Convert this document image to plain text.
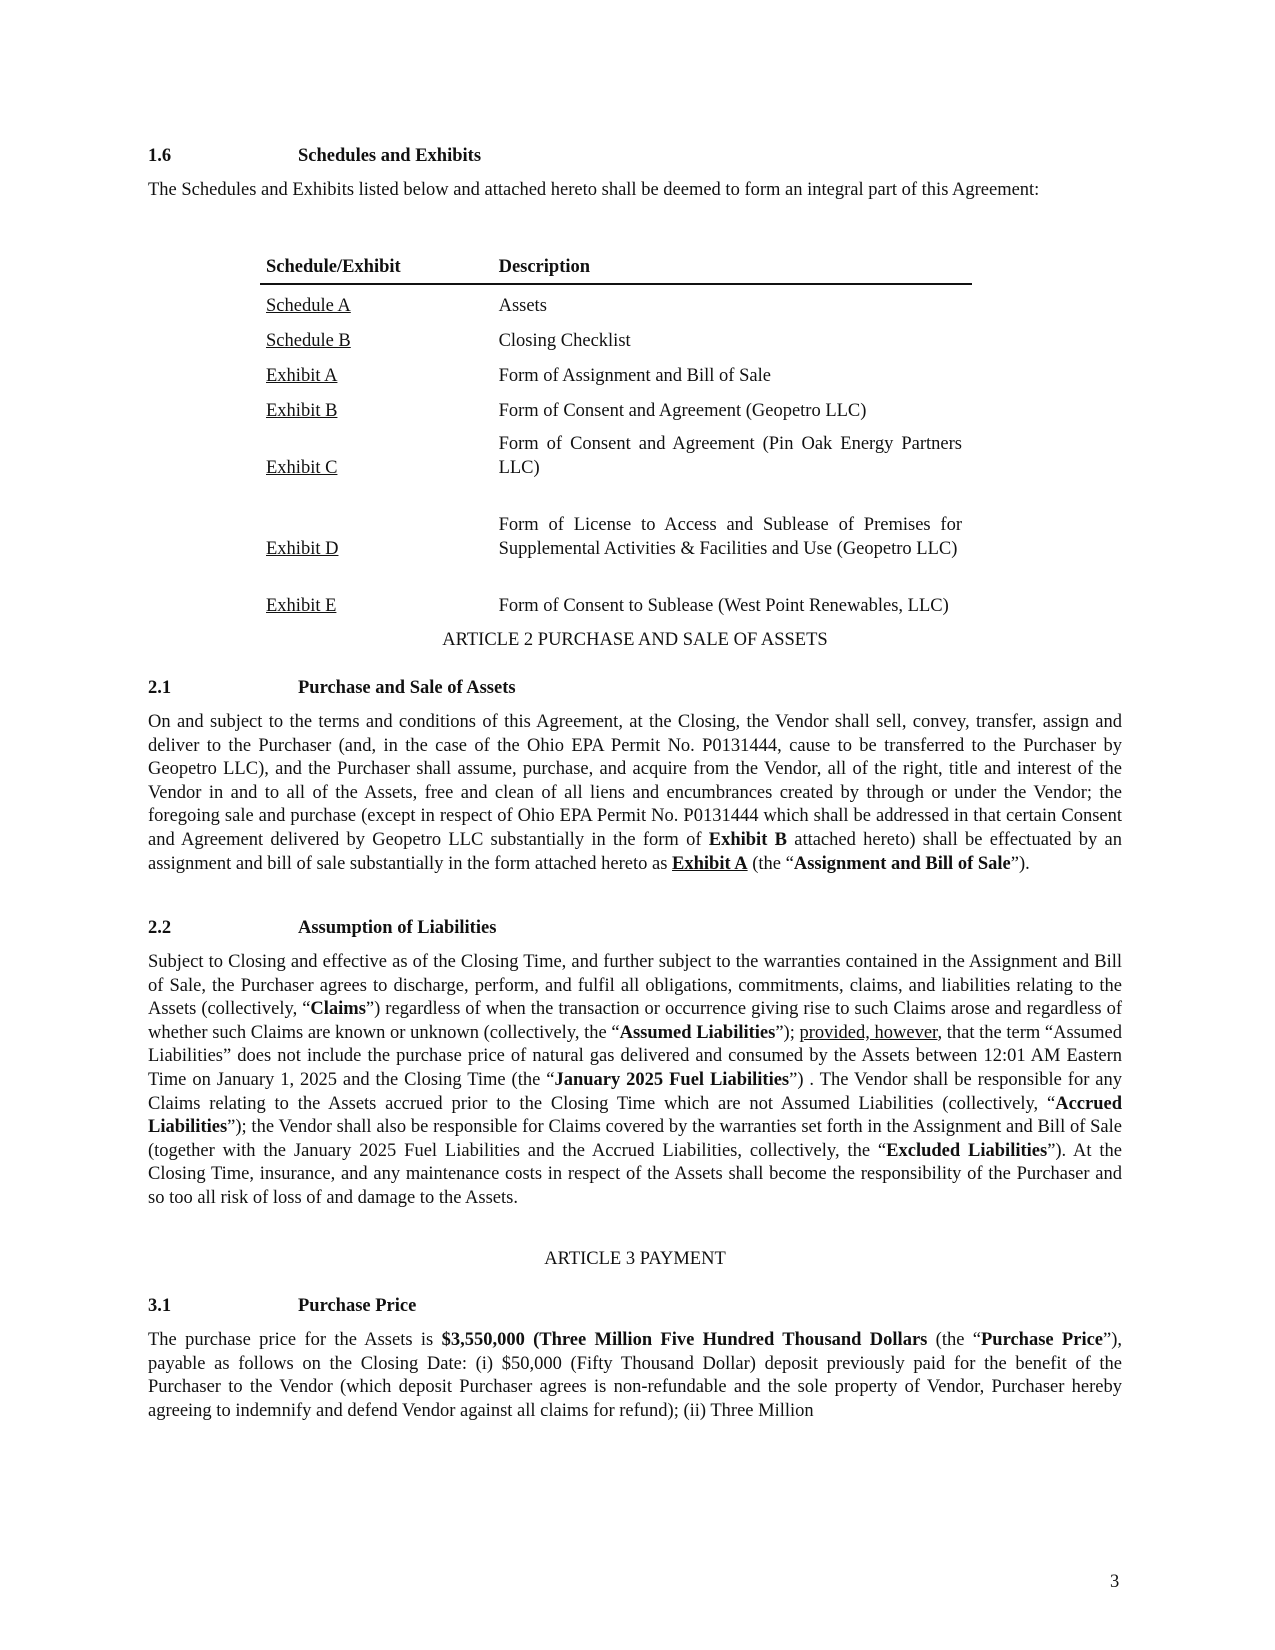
1.6	Schedules and Exhibits

The Schedules and Exhibits listed below and attached hereto shall be deemed to form an integral part of this Agreement:

Schedule/Exhibit	Description
Schedule A	Assets
Schedule B	Closing Checklist
Exhibit A	Form of Assignment and Bill of Sale
Exhibit B	Form of Consent and Agreement (Geopetro LLC)
Exhibit C	Form of Consent and Agreement (Pin Oak Energy Partners LLC)
Exhibit D	Form of License to Access and Sublease of Premises for Supplemental Activities & Facilities and Use (Geopetro LLC)
Exhibit E	Form of Consent to Sublease (West Point Renewables, LLC)

ARTICLE 2 PURCHASE AND SALE OF ASSETS

2.1	Purchase and Sale of Assets

On and subject to the terms and conditions of this Agreement, at the Closing, the Vendor shall sell, convey, transfer, assign and deliver to the Purchaser (and, in the case of the Ohio EPA Permit No. P0131444, cause to be transferred to the Purchaser by Geopetro LLC), and the Purchaser shall assume, purchase, and acquire from the Vendor, all of the right, title and interest of the Vendor in and to all of the Assets, free and clean of all liens and encumbrances created by through or under the Vendor; the foregoing sale and purchase (except in respect of Ohio EPA Permit No. P0131444 which shall be addressed in that certain Consent and Agreement delivered by Geopetro LLC substantially in the form of Exhibit B attached hereto) shall be effectuated by an assignment and bill of sale substantially in the form attached hereto as Exhibit A (the “Assignment and Bill of Sale”).

2.2	Assumption of Liabilities

Subject to Closing and effective as of the Closing Time, and further subject to the warranties contained in the Assignment and Bill of Sale, the Purchaser agrees to discharge, perform, and fulfil all obligations, commitments, claims, and liabilities relating to the Assets (collectively, “Claims”) regardless of when the transaction or occurrence giving rise to such Claims arose and regardless of whether such Claims are known or unknown (collectively, the “Assumed Liabilities”); provided, however, that the term “Assumed Liabilities” does not include the purchase price of natural gas delivered and consumed by the Assets between 12:01 AM Eastern Time on January 1, 2025 and the Closing Time (the “January 2025 Fuel Liabilities”) . The Vendor shall be responsible for any Claims relating to the Assets accrued prior to the Closing Time which are not Assumed Liabilities (collectively, “Accrued Liabilities”); the Vendor shall also be responsible for Claims covered by the warranties set forth in the Assignment and Bill of Sale (together with the January 2025 Fuel Liabilities and the Accrued Liabilities, collectively, the “Excluded Liabilities”). At the Closing Time, insurance, and any maintenance costs in respect of the Assets shall become the responsibility of the Purchaser and so too all risk of loss of and damage to the Assets.

ARTICLE 3 PAYMENT

3.1	Purchase Price

The purchase price for the Assets is $3,550,000 (Three Million Five Hundred Thousand Dollars (the “Purchase Price”), payable as follows on the Closing Date: (i) $50,000 (Fifty Thousand Dollar) deposit previously paid for the benefit of the Purchaser to the Vendor (which deposit Purchaser agrees is non-refundable and the sole property of Vendor, Purchaser hereby agreeing to indemnify and defend Vendor against all claims for refund); (ii) Three Million

3
